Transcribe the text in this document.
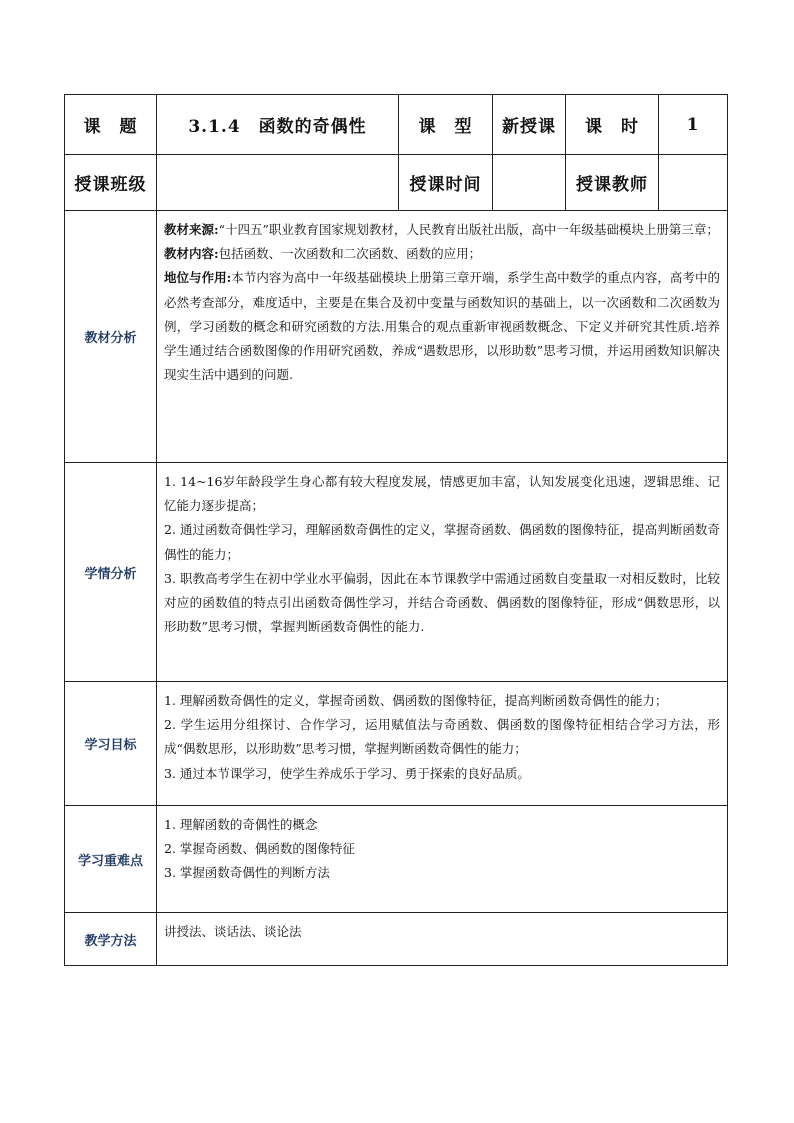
课　题	3.1.4　函数的奇偶性	课　型	新授课	课　时	1
授课班级		授课时间		授课教师	
教材分析	教材来源:“十四五”职业教育国家规划教材，人民教育出版社出版，高中一年级基础模块上册第三章；

教材内容:包括函数、一次函数和二次函数、函数的应用；

地位与作用:本节内容为高中一年级基础模块上册第三章开端，系学生高中数学的重点内容，高考中的必然考查部分，难度适中，主要是在集合及初中变量与函数知识的基础上，以一次函数和二次函数为例，学习函数的概念和研究函数的方法.用集合的观点重新审视函数概念、下定义并研究其性质.培养学生通过结合函数图像的作用研究函数，养成“遇数思形，以形助数”思考习惯，并运用函数知识解决现实生活中遇到的问题.				

学情分析	1. 14~16岁年龄段学生身心都有较大程度发展，情感更加丰富，认知发展变化迅速，逻辑思维、记忆能力逐步提高；

2. 通过函数奇偶性学习，理解函数奇偶性的定义，掌握奇函数、偶函数的图像特征，提高判断函数奇偶性的能力；

3. 职教高考学生在初中学业水平偏弱，因此在本节课教学中需通过函数自变量取一对相反数时，比较对应的函数值的特点引出函数奇偶性学习，并结合奇函数、偶函数的图像特征，形成“偶数思形，以形助数”思考习惯，掌握判断函数奇偶性的能力.				

学习目标	1. 理解函数奇偶性的定义，掌握奇函数、偶函数的图像特征，提高判断函数奇偶性的能力；

2. 学生运用分组探讨、合作学习，运用赋值法与奇函数、偶函数的图像特征相结合学习方法，形成“偶数思形，以形助数”思考习惯，掌握判断函数奇偶性的能力；

3. 通过本节课学习，使学生养成乐于学习、勇于探索的良好品质。				

学习重难点	1. 理解函数的奇偶性的概念

2. 掌握奇函数、偶函数的图像特征

3. 掌握函数奇偶性的判断方法				

教学方法	讲授法、谈话法、谈论法				
